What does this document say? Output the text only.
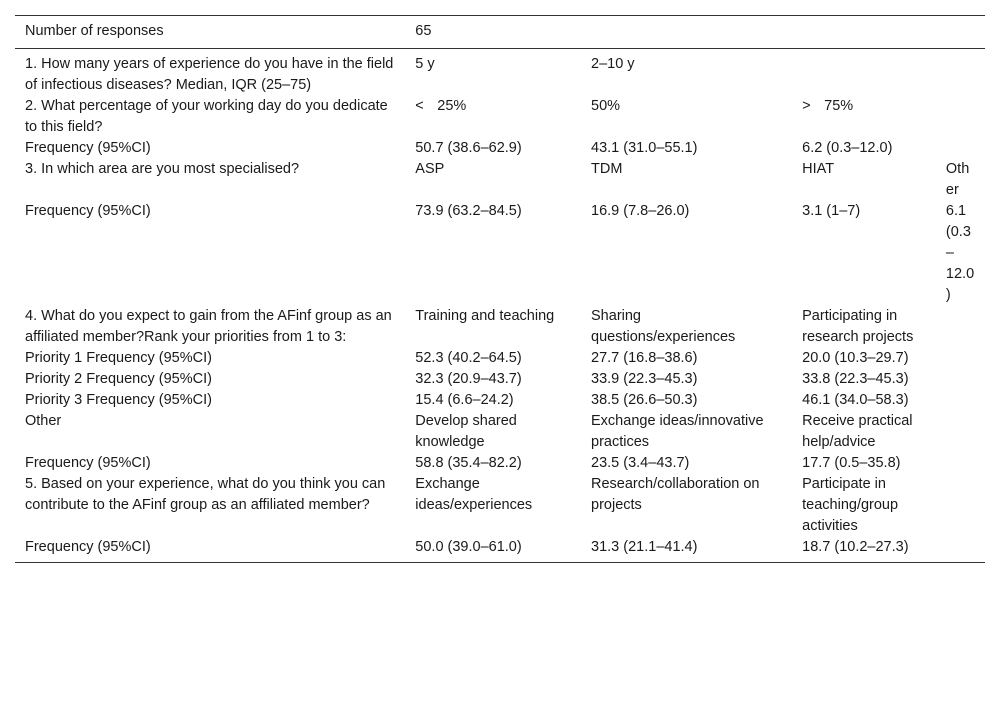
Number of responses	65			
1. How many years of experience do you have in the field of infectious diseases? Median, IQR (25–75)	5 y	2–10 y		
2. What percentage of your working day do you dedicate to this field?	< 25%	50%	> 75%	
Frequency (95%CI)	50.7 (38.6–62.9)	43.1 (31.0–55.1)	6.2 (0.3–12.0)	
3. In which area are you most specialised?	ASP	TDM	HIAT	Other
Frequency (95%CI)	73.9 (63.2–84.5)	16.9 (7.8–26.0)	3.1 (1–7)	6.1 (0.3–12.0)
4. What do you expect to gain from the AFinf group as an affiliated member?Rank your priorities from 1 to 3:	Training and teaching	Sharing questions/experiences	Participating in research projects	
Priority 1 Frequency (95%CI)	52.3 (40.2–64.5)	27.7 (16.8–38.6)	20.0 (10.3–29.7)	
Priority 2 Frequency (95%CI)	32.3 (20.9–43.7)	33.9 (22.3–45.3)	33.8 (22.3–45.3)	
Priority 3 Frequency (95%CI)	15.4 (6.6–24.2)	38.5 (26.6–50.3)	46.1 (34.0–58.3)	
Other	Develop shared knowledge	Exchange ideas/innovative practices	Receive practical help/advice	
Frequency (95%CI)	58.8 (35.4–82.2)	23.5 (3.4–43.7)	17.7 (0.5–35.8)	
5. Based on your experience, what do you think you can contribute to the AFinf group as an affiliated member?	Exchange ideas/experiences	Research/collaboration on projects	Participate in teaching/group activities	
Frequency (95%CI)	50.0 (39.0–61.0)	31.3 (21.1–41.4)	18.7 (10.2–27.3)	
